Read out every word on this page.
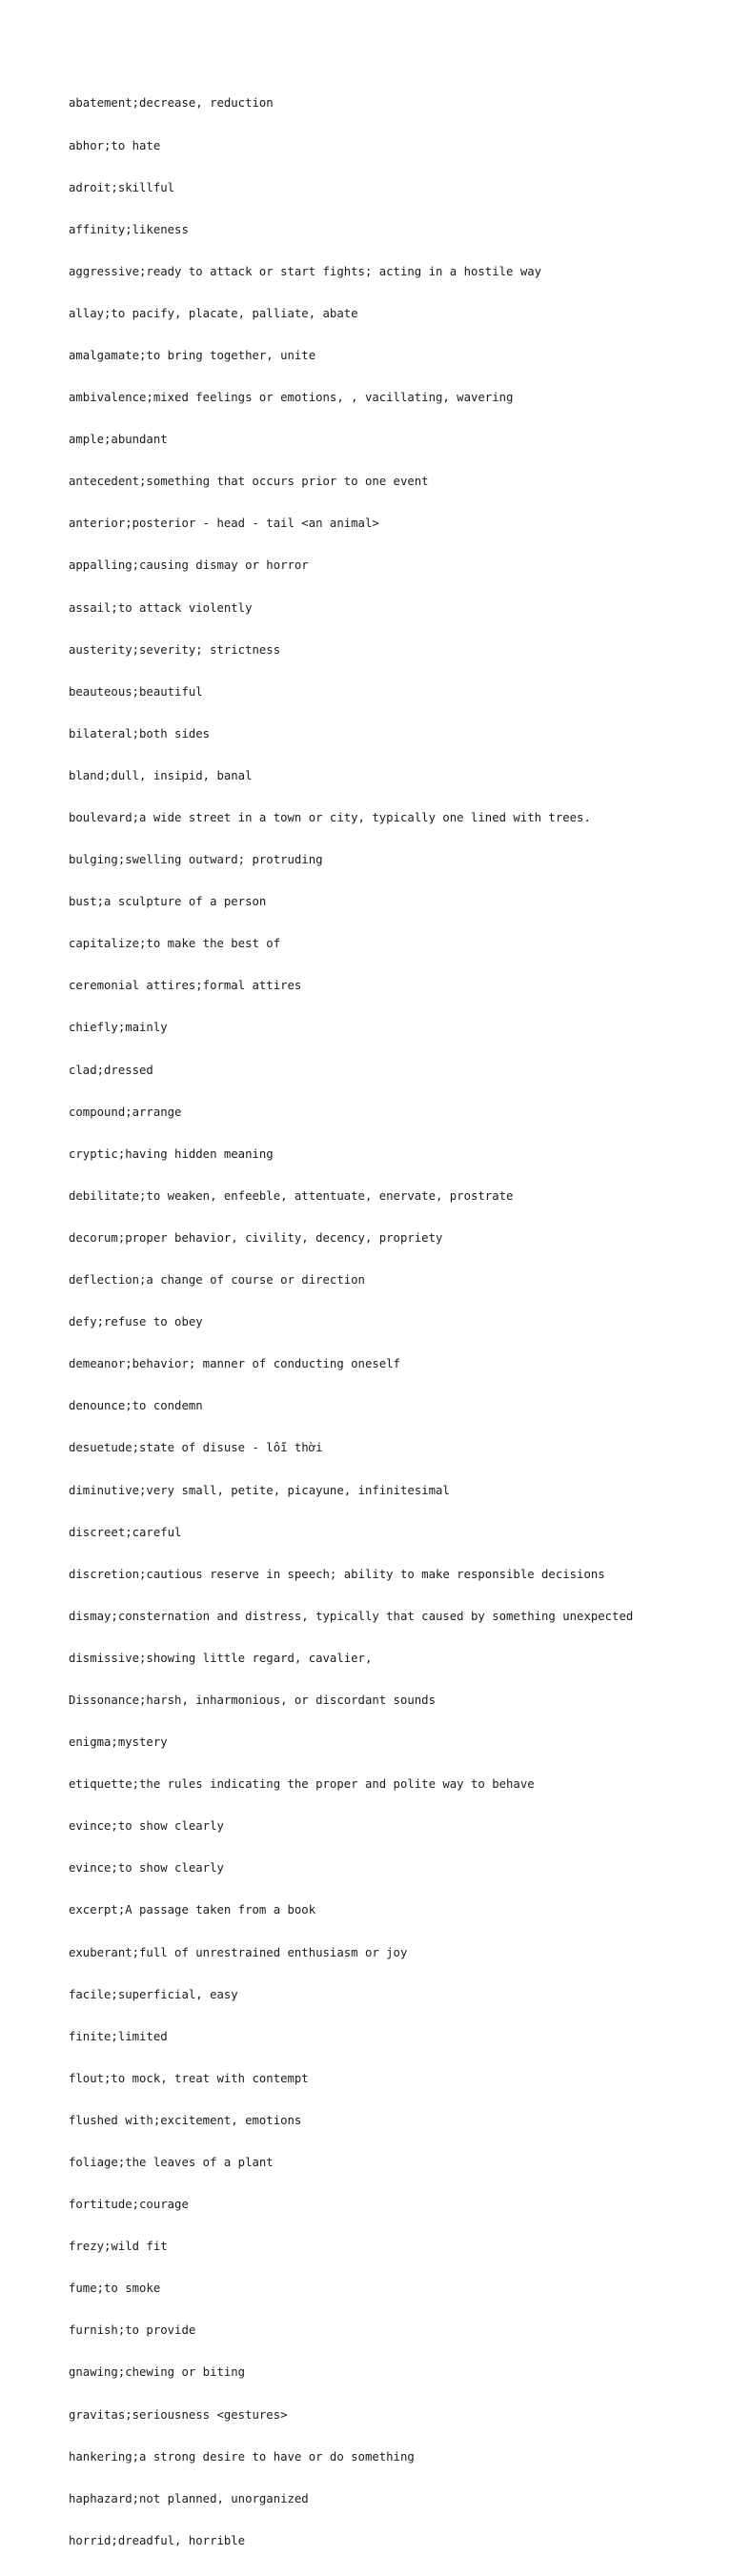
abatement;decrease, reduction

abhor;to hate

adroit;skillful

affinity;likeness

aggressive;ready to attack or start fights; acting in a hostile way

allay;to pacify, placate, palliate, abate

amalgamate;to bring together, unite

ambivalence;mixed feelings or emotions, , vacillating, wavering

ample;abundant

antecedent;something that occurs prior to one event

anterior;posterior - head - tail <an animal>

appalling;causing dismay or horror

assail;to attack violently

austerity;severity; strictness

beauteous;beautiful

bilateral;both sides

bland;dull, insipid, banal

boulevard;a wide street in a town or city, typically one lined with trees.

bulging;swelling outward; protruding

bust;a sculpture of a person

capitalize;to make the best of

ceremonial attires;formal attires

chiefly;mainly

clad;dressed

compound;arrange

cryptic;having hidden meaning

debilitate;to weaken, enfeeble, attentuate, enervate, prostrate

decorum;proper behavior, civility, decency, propriety

deflection;a change of course or direction

defy;refuse to obey

demeanor;behavior; manner of conducting oneself

denounce;to condemn

desuetude;state of disuse - lỗi thời

diminutive;very small, petite, picayune, infinitesimal

discreet;careful

discretion;cautious reserve in speech; ability to make responsible decisions

dismay;consternation and distress, typically that caused by something unexpected

dismissive;showing little regard, cavalier,

Dissonance;harsh, inharmonious, or discordant sounds

enigma;mystery

etiquette;the rules indicating the proper and polite way to behave

evince;to show clearly

evince;to show clearly

excerpt;A passage taken from a book

exuberant;full of unrestrained enthusiasm or joy

facile;superficial, easy

finite;limited

flout;to mock, treat with contempt

flushed with;excitement, emotions

foliage;the leaves of a plant

fortitude;courage

frezy;wild fit

fume;to smoke

furnish;to provide

gnawing;chewing or biting

gravitas;seriousness <gestures>

hankering;a strong desire to have or do something

haphazard;not planned, unorganized

horrid;dreadful, horrible
